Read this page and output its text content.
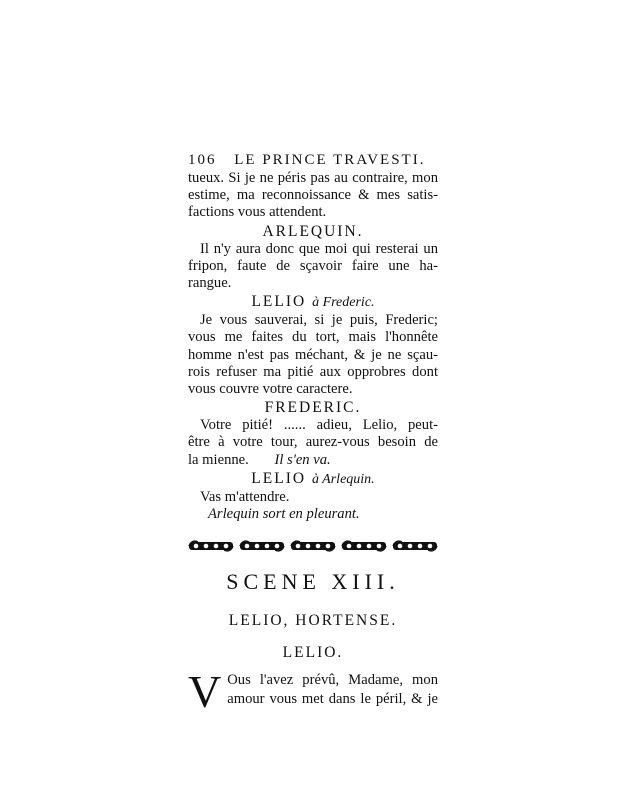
106 LE PRINCE TRAVESTI.
tueux. Si je ne péris pas au contraire, mon
estime, ma reconnoissance & mes satis-
factions vous attendent.
ARLEQUIN.
Il n'y aura donc que moi qui resterai un
fripon, faute de sçavoir faire une ha-
rangue.
LELIO à Frederic.
Je vous sauverai, si je puis, Frederic;
vous me faites du tort, mais l'honnête
homme n'est pas méchant, & je ne sçau-
rois refuser ma pitié aux opprobres dont
vous couvre votre caractere.
FREDERIC.
Votre pitié! ...... adieu, Lelio, peut-
être à votre tour, aurez-vous besoin de
la mienne. Il s'en va.
LELIO à Arlequin.
Vas m'attendre.
Arlequin sort en pleurant.
SCENE XIII.
LELIO, HORTENSE.
LELIO.
V Ous l'avez prévû, Madame, mon
amour vous met dans le péril, & je
